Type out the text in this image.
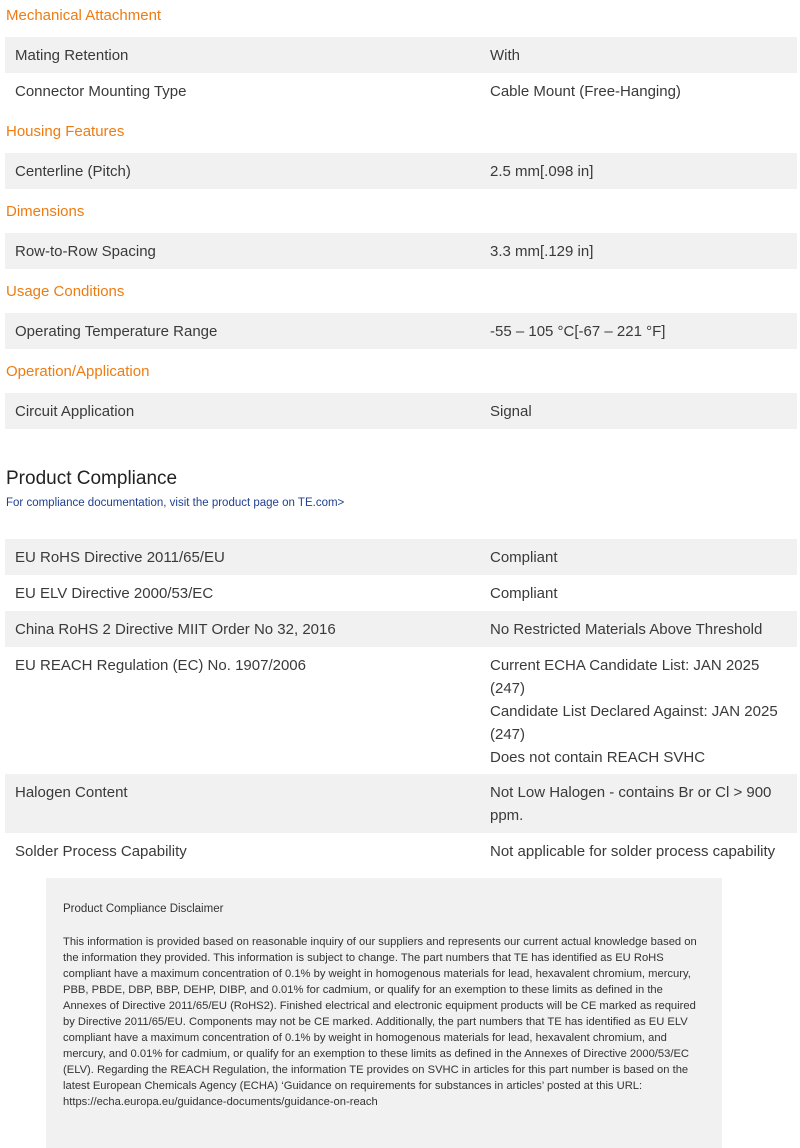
Mechanical Attachment
Mating Retention	With
Connector Mounting Type	Cable Mount (Free-Hanging)
Housing Features
Centerline (Pitch)	2.5 mm[.098 in]
Dimensions
Row-to-Row Spacing	3.3 mm[.129 in]
Usage Conditions
Operating Temperature Range	-55 – 105 °C[-67 – 221 °F]
Operation/Application
Circuit Application	Signal
Product Compliance
For compliance documentation, visit the product page on TE.com>
EU RoHS Directive 2011/65/EU	Compliant
EU ELV Directive 2000/53/EC	Compliant
China RoHS 2 Directive MIIT Order No 32, 2016	No Restricted Materials Above Threshold
EU REACH Regulation (EC) No. 1907/2006	Current ECHA Candidate List: JAN 2025
(247)
Candidate List Declared Against: JAN 2025
(247)
Does not contain REACH SVHC
Halogen Content	Not Low Halogen - contains Br or Cl > 900
ppm.
Solder Process Capability	Not applicable for solder process capability
Product Compliance Disclaimer
This information is provided based on reasonable inquiry of our suppliers and represents our current actual knowledge based on the information they provided. This information is subject to change. The part numbers that TE has identified as EU RoHS compliant have a maximum concentration of 0.1% by weight in homogenous materials for lead, hexavalent chromium, mercury, PBB, PBDE, DBP, BBP, DEHP, DIBP, and 0.01% for cadmium, or qualify for an exemption to these limits as defined in the Annexes of Directive 2011/65/EU (RoHS2). Finished electrical and electronic equipment products will be CE marked as required by Directive 2011/65/EU. Components may not be CE marked. Additionally, the part numbers that TE has identified as EU ELV compliant have a maximum concentration of 0.1% by weight in homogenous materials for lead, hexavalent chromium, and mercury, and 0.01% for cadmium, or qualify for an exemption to these limits as defined in the Annexes of Directive 2000/53/EC (ELV). Regarding the REACH Regulation, the information TE provides on SVHC in articles for this part number is based on the latest European Chemicals Agency (ECHA) ‘Guidance on requirements for substances in articles’ posted at this URL: https://echa.europa.eu/guidance-documents/guidance-on-reach
